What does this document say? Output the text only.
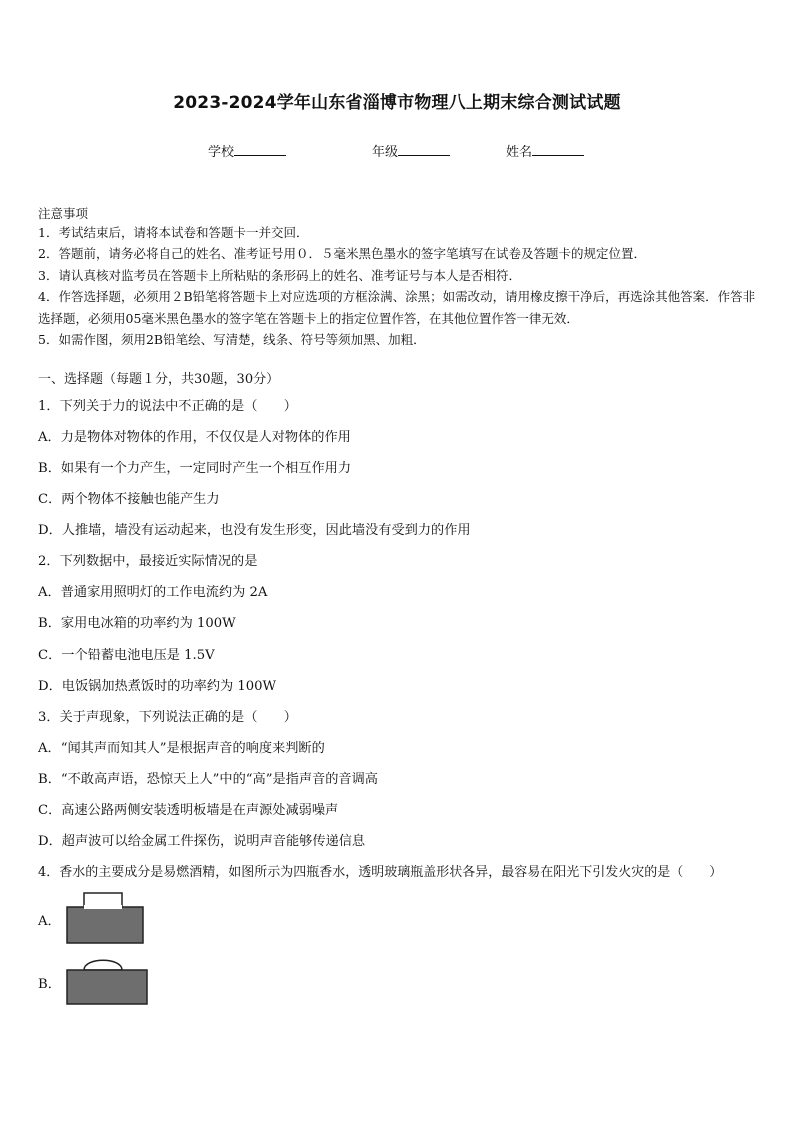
2023-2024学年山东省淄博市物理八上期末综合测试试题
学校	年级	姓名
注意事项

1．考试结束后，请将本试卷和答题卡一并交回．

2．答题前，请务必将自己的姓名、准考证号用０．５毫米黑色墨水的签字笔填写在试卷及答题卡的规定位置．

3．请认真核对监考员在答题卡上所粘贴的条形码上的姓名、准考证号与本人是否相符．

4．作答选择题，必须用２B铅笔将答题卡上对应选项的方框涂满、涂黑；如需改动，请用橡皮擦干净后，再选涂其他答案．作答非选择题，必须用05毫米黑色墨水的签字笔在答题卡上的指定位置作答，在其他位置作答一律无效．

5．如需作图，须用2B铅笔绘、写清楚，线条、符号等须加黑、加粗．

一、选择题（每题１分，共30题，30分）
1．下列关于力的说法中不正确的是（　　）
A．力是物体对物体的作用，不仅仅是人对物体的作用
B．如果有一个力产生，一定同时产生一个相互作用力
C．两个物体不接触也能产生力
D．人推墙，墙没有运动起来，也没有发生形变，因此墙没有受到力的作用
2．下列数据中，最接近实际情况的是
A．普通家用照明灯的工作电流约为 2A
B．家用电冰箱的功率约为 100W
C．一个铅蓄电池电压是 1.5V
D．电饭锅加热煮饭时的功率约为 100W
3．关于声现象，下列说法正确的是（　　）
A．“闻其声而知其人”是根据声音的响度来判断的
B．“不敢高声语，恐惊天上人”中的“高”是指声音的音调高
C．高速公路两侧安装透明板墙是在声源处减弱噪声
D．超声波可以给金属工件探伤，说明声音能够传递信息
4．香水的主要成分是易燃酒精，如图所示为四瓶香水，透明玻璃瓶盖形状各异，最容易在阳光下引发火灾的是（　　）
A．
B．
